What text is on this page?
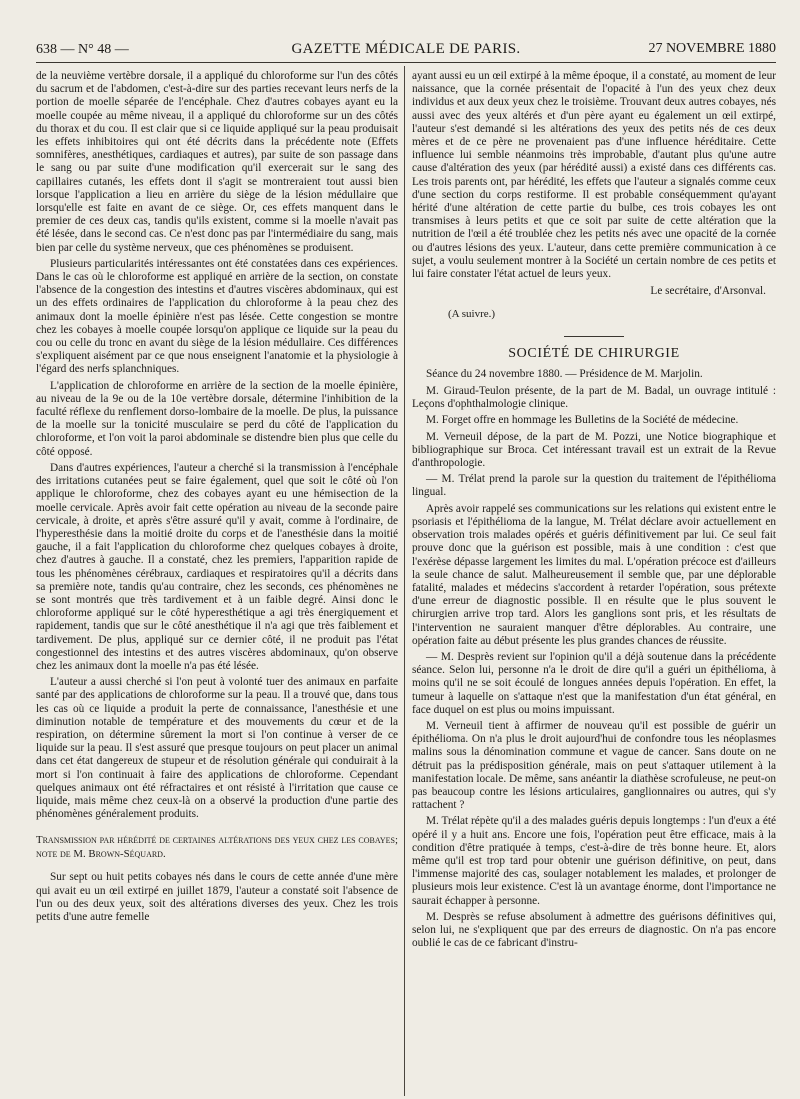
638 — N° 48 —	GAZETTE MÉDICALE DE PARIS.	27 NOVEMBRE 1880

de la neuvième vertèbre dorsale, il a appliqué du chloroforme sur l'un des côtés du sacrum et de l'abdomen, c'est-à-dire sur des parties recevant leurs nerfs de la portion de moelle séparée de l'encéphale. Chez d'autres cobayes ayant eu la moelle coupée au même niveau, il a appliqué du chloroforme sur un des côtés du thorax et du cou. Il est clair que si ce liquide appliqué sur la peau produisait les effets inhibitoires qui ont été décrits dans la précédente note (Effets somnifères, anesthétiques, cardiaques et autres), par suite de son passage dans le sang ou par suite d'une modification qu'il exercerait sur le sang des capillaires cutanés, les effets dont il s'agit se montreraient tout aussi bien lorsque l'application a lieu en arrière du siège de la lésion médullaire que lorsqu'elle est faite en avant de ce siège. Or, ces effets manquent dans le premier de ces deux cas, tandis qu'ils existent, comme si la moelle n'avait pas été lésée, dans le second cas. Ce n'est donc pas par l'intermédiaire du sang, mais bien par celle du système nerveux, que ces phénomènes se produisent.

Plusieurs particularités intéressantes ont été constatées dans ces expériences. Dans le cas où le chloroforme est appliqué en arrière de la section, on constate l'absence de la congestion des intestins et d'autres viscères abdominaux, qui est un des effets ordinaires de l'application du chloroforme à la peau chez des animaux dont la moelle épinière n'est pas lésée. Cette congestion se montre chez les cobayes à moelle coupée lorsqu'on applique ce liquide sur la peau du cou ou celle du tronc en avant du siège de la lésion médullaire. Ces différences s'expliquent aisément par ce que nous enseignent l'anatomie et la physiologie à l'égard des nerfs splanchniques.

L'application de chloroforme en arrière de la section de la moelle épinière, au niveau de la 9e ou de la 10e vertèbre dorsale, détermine l'inhibition de la faculté réflexe du renflement dorso-lombaire de la moelle. De plus, la puissance de la moelle sur la tonicité musculaire se perd du côté de l'application du chloroforme, et l'on voit la paroi abdominale se distendre bien plus que celle du côté opposé.

Dans d'autres expériences, l'auteur a cherché si la transmission à l'encéphale des irritations cutanées peut se faire également, quel que soit le côté où l'on applique le chloroforme, chez des cobayes ayant eu une hémisection de la moelle cervicale. Après avoir fait cette opération au niveau de la seconde paire cervicale, à droite, et après s'être assuré qu'il y avait, comme à l'ordinaire, de l'hyperesthésie dans la moitié droite du corps et de l'anesthésie dans la moitié gauche, il a fait l'application du chloroforme chez quelques cobayes à droite, chez d'autres à gauche. Il a constaté, chez les premiers, l'apparition rapide de tous les phénomènes cérébraux, cardiaques et respiratoires qu'il a décrits dans sa première note, tandis qu'au contraire, chez les seconds, ces phénomènes ne se sont montrés que très tardivement et à un faible degré. Ainsi donc le chloroforme appliqué sur le côté hyperesthétique a agi très énergiquement et rapidement, tandis que sur le côté anesthétique il n'a agi que très faiblement et tardivement. De plus, appliqué sur ce dernier côté, il ne produit pas l'état congestionnel des intestins et des autres viscères abdominaux, qu'on observe chez les animaux dont la moelle n'a pas été lésée.

L'auteur a aussi cherché si l'on peut à volonté tuer des animaux en parfaite santé par des applications de chloroforme sur la peau. Il a trouvé que, dans tous les cas où ce liquide a produit la perte de connaissance, l'anesthésie et une diminution notable de température et des mouvements du cœur et de la respiration, on détermine sûrement la mort si l'on continue à verser de ce liquide sur la peau. Il s'est assuré que presque toujours on peut placer un animal dans cet état dangereux de stupeur et de résolution générale qui conduirait à la mort si l'on continuait à faire des applications de chloroforme. Cependant quelques animaux ont été réfractaires et ont résisté à l'irritation que cause ce liquide, mais même chez ceux-là on a observé la production d'une partie des phénomènes généralement produits.

Transmission par hérédité de certaines altérations des yeux chez les cobayes; note de M. Brown-Séquard.

Sur sept ou huit petits cobayes nés dans le cours de cette année d'une mère qui avait eu un œil extirpé en juillet 1879, l'auteur a constaté soit l'absence de l'un ou des deux yeux, soit des altérations diverses des yeux. Chez les trois petits d'une autre femelle

ayant aussi eu un œil extirpé à la même époque, il a constaté, au moment de leur naissance, que la cornée présentait de l'opacité à l'un des yeux chez deux individus et aux deux yeux chez le troisième. Trouvant deux autres cobayes, nés aussi avec des yeux altérés et d'un père ayant eu également un œil extirpé, l'auteur s'est demandé si les altérations des yeux des petits nés de ces deux mères et de ce père ne provenaient pas d'une influence héréditaire. Cette influence lui semble néanmoins très improbable, d'autant plus qu'une autre cause d'altération des yeux (par hérédité aussi) a existé dans ces différents cas. Les trois parents ont, par hérédité, les effets que l'auteur a signalés comme ceux d'une section du corps restiforme. Il est probable conséquemment qu'ayant hérité d'une altération de cette partie du bulbe, ces trois cobayes les ont transmises à leurs petits et que ce soit par suite de cette altération que la nutrition de l'œil a été troublée chez les petits nés avec une opacité de la cornée ou d'autres lésions des yeux. L'auteur, dans cette première communication à ce sujet, a voulu seulement montrer à la Société un certain nombre de ces petits et lui faire constater l'état actuel de leurs yeux.

Le secrétaire, d'Arsonval.

(A suivre.)

SOCIÉTÉ DE CHIRURGIE

Séance du 24 novembre 1880. — Présidence de M. Marjolin.

M. Giraud-Teulon présente, de la part de M. Badal, un ouvrage intitulé : Leçons d'ophthalmologie clinique.

M. Forget offre en hommage les Bulletins de la Société de médecine.

M. Verneuil dépose, de la part de M. Pozzi, une Notice biographique et bibliographique sur Broca. Cet intéressant travail est un extrait de la Revue d'anthropologie.

— M. Trélat prend la parole sur la question du traitement de l'épithélioma lingual.

Après avoir rappelé ses communications sur les relations qui existent entre le psoriasis et l'épithélioma de la langue, M. Trélat déclare avoir actuellement en observation trois malades opérés et guéris définitivement par lui. Ce seul fait prouve donc que la guérison est possible, mais à une condition : c'est que l'exérèse dépasse largement les limites du mal. L'opération précoce est d'ailleurs la seule chance de salut. Malheureusement il semble que, par une déplorable fatalité, malades et médecins s'accordent à retarder l'opération, sous prétexte d'une erreur de diagnostic possible. Il en résulte que le plus souvent le chirurgien arrive trop tard. Alors les ganglions sont pris, et les résultats de l'intervention ne sauraient manquer d'être déplorables. Au contraire, une opération faite au début présente les plus grandes chances de réussite.

— M. Desprès revient sur l'opinion qu'il a déjà soutenue dans la précédente séance. Selon lui, personne n'a le droit de dire qu'il a guéri un épithélioma, à moins qu'il ne se soit écoulé de longues années depuis l'opération. En effet, la tumeur à laquelle on s'attaque n'est que la manifestation d'un état général, en face duquel on est plus ou moins impuissant.

M. Verneuil tient à affirmer de nouveau qu'il est possible de guérir un épithélioma. On n'a plus le droit aujourd'hui de confondre tous les néoplasmes malins sous la dénomination commune et vague de cancer. Sans doute on ne détruit pas la prédisposition générale, mais on peut s'attaquer utilement à la manifestation locale. De même, sans anéantir la diathèse scrofuleuse, ne peut-on pas beaucoup contre les lésions articulaires, ganglionnaires ou autres, qui s'y rattachent ?

M. Trélat répète qu'il a des malades guéris depuis longtemps : l'un d'eux a été opéré il y a huit ans. Encore une fois, l'opération peut être efficace, mais à la condition d'être pratiquée à temps, c'est-à-dire de très bonne heure. Et, alors même qu'il est trop tard pour obtenir une guérison définitive, on peut, dans l'immense majorité des cas, soulager notablement les malades, et prolonger de plusieurs mois leur existence. C'est là un avantage énorme, dont l'importance ne saurait échapper à personne.

M. Desprès se refuse absolument à admettre des guérisons définitives qui, selon lui, ne s'expliquent que par des erreurs de diagnostic. On n'a pas encore oublié le cas de ce fabricant d'instru-
